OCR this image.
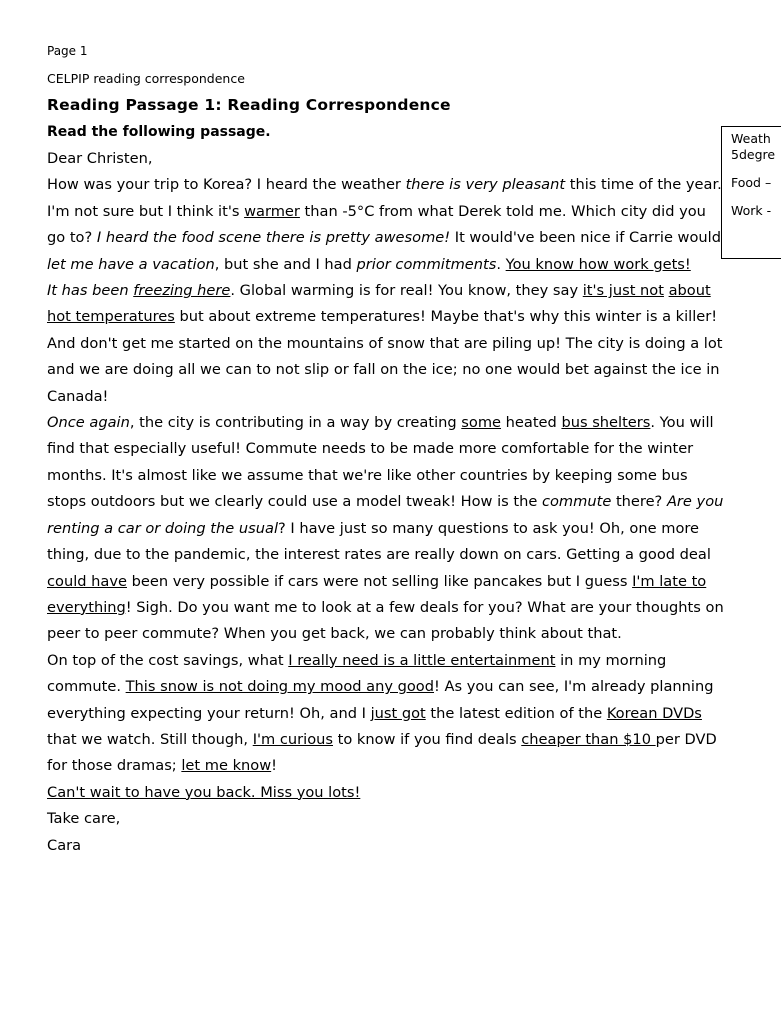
Page 1
CELPIP reading correspondence
Reading Passage 1: Reading Correspondence
Read the following passage.	Weath
5degre
Food –
Work -

Dear Christen,

How was your trip to Korea? I heard the weather there is very pleasant this time of the year. I'm not sure but I think it's warmer than -5°C from what Derek told me. Which city did you go to? I heard the food scene there is pretty awesome! It would've been nice if Carrie would let me have a vacation, but she and I had prior commitments. You know how work gets!

It has been freezing here. Global warming is for real! You know, they say it's just not about hot temperatures but about extreme temperatures! Maybe that's why this winter is a killer! And don't get me started on the mountains of snow that are piling up! The city is doing a lot and we are doing all we can to not slip or fall on the ice; no one would bet against the ice in Canada!

Once again, the city is contributing in a way by creating some heated bus shelters. You will find that especially useful! Commute needs to be made more comfortable for the winter months. It's almost like we assume that we're like other countries by keeping some bus stops outdoors but we clearly could use a model tweak! How is the commute there? Are you renting a car or doing the usual? I have just so many questions to ask you! Oh, one more thing, due to the pandemic, the interest rates are really down on cars. Getting a good deal could have been very possible if cars were not selling like pancakes but I guess I'm late to everything! Sigh. Do you want me to look at a few deals for you? What are your thoughts on peer to peer commute? When you get back, we can probably think about that.

On top of the cost savings, what I really need is a little entertainment in my morning commute. This snow is not doing my mood any good! As you can see, I'm already planning everything expecting your return! Oh, and I just got the latest edition of the Korean DVDs that we watch. Still though, I'm curious to know if you find deals cheaper than $10 per DVD for those dramas; let me know!

Can't wait to have you back. Miss you lots!

Take care,

Cara
